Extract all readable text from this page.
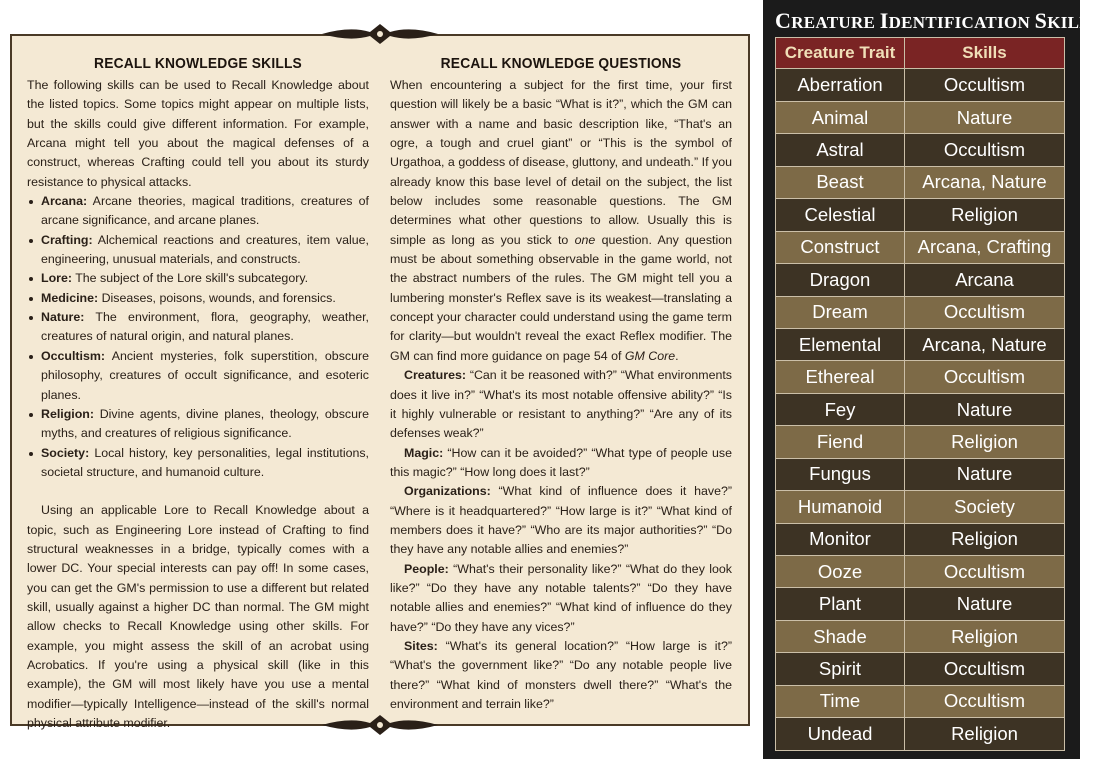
RECALL KNOWLEDGE SKILLS

The following skills can be used to Recall Knowledge about the listed topics. Some topics might appear on multiple lists, but the skills could give different information. For example, Arcana might tell you about the magical defenses of a construct, whereas Crafting could tell you about its sturdy resistance to physical attacks.

Arcana: Arcane theories, magical traditions, creatures of arcane significance, and arcane planes.
Crafting: Alchemical reactions and creatures, item value, engineering, unusual materials, and constructs.
Lore: The subject of the Lore skill's subcategory.
Medicine: Diseases, poisons, wounds, and forensics.
Nature: The environment, flora, geography, weather, creatures of natural origin, and natural planes.
Occultism: Ancient mysteries, folk superstition, obscure philosophy, creatures of occult significance, and esoteric planes.
Religion: Divine agents, divine planes, theology, obscure myths, and creatures of religious significance.
Society: Local history, key personalities, legal institutions, societal structure, and humanoid culture.

Using an applicable Lore to Recall Knowledge about a topic, such as Engineering Lore instead of Crafting to find structural weaknesses in a bridge, typically comes with a lower DC. Your special interests can pay off! In some cases, you can get the GM's permission to use a different but related skill, usually against a higher DC than normal. The GM might allow checks to Recall Knowledge using other skills. For example, you might assess the skill of an acrobat using Acrobatics. If you're using a physical skill (like in this example), the GM will most likely have you use a mental modifier—typically Intelligence—instead of the skill's normal physical attribute modifier.

RECALL KNOWLEDGE QUESTIONS

When encountering a subject for the first time, your first question will likely be a basic “What is it?”, which the GM can answer with a name and basic description like, “That's an ogre, a tough and cruel giant” or “This is the symbol of Urgathoa, a goddess of disease, gluttony, and undeath.” If you already know this base level of detail on the subject, the list below includes some reasonable questions. The GM determines what other questions to allow. Usually this is simple as long as you stick to one question. Any question must be about something observable in the game world, not the abstract numbers of the rules. The GM might tell you a lumbering monster's Reflex save is its weakest—translating a concept your character could understand using the game term for clarity—but wouldn't reveal the exact Reflex modifier. The GM can find more guidance on page 54 of GM Core.

Creatures: “Can it be reasoned with?” “What environments does it live in?” “What's its most notable offensive ability?” “Is it highly vulnerable or resistant to anything?” “Are any of its defenses weak?”

Magic: “How can it be avoided?” “What type of people use this magic?” “How long does it last?”

Organizations: “What kind of influence does it have?” “Where is it headquartered?” “How large is it?” “What kind of members does it have?” “Who are its major authorities?” “Do they have any notable allies and enemies?”

People: “What's their personality like?” “What do they look like?” “Do they have any notable talents?” “Do they have notable allies and enemies?” “What kind of influence do they have?” “Do they have any vices?”

Sites: “What's its general location?” “How large is it?” “What's the government like?” “Do any notable people live there?” “What kind of monsters dwell there?” “What's the environment and terrain like?”

CREATURE IDENTIFICATION SKILLS
Creature Trait	Skills
Aberration	Occultism
Animal	Nature
Astral	Occultism
Beast	Arcana, Nature
Celestial	Religion
Construct	Arcana, Crafting
Dragon	Arcana
Dream	Occultism
Elemental	Arcana, Nature
Ethereal	Occultism
Fey	Nature
Fiend	Religion
Fungus	Nature
Humanoid	Society
Monitor	Religion
Ooze	Occultism
Plant	Nature
Shade	Religion
Spirit	Occultism
Time	Occultism
Undead	Religion
